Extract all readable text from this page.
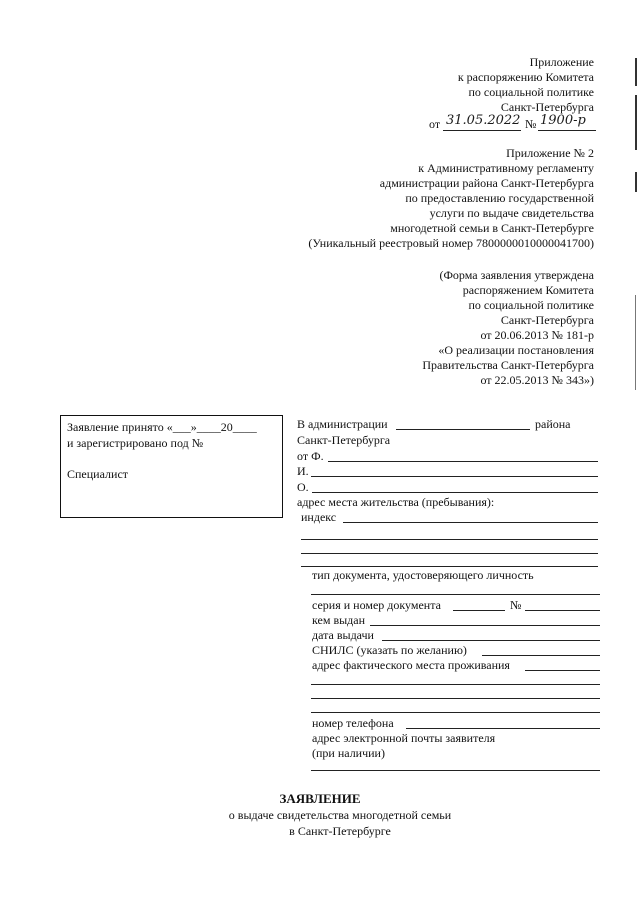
Приложение
к распоряжению Комитета
по социальной политике
Санкт-Петербурга
от 31.05.2022 № 1900-р
Приложение № 2
к Административному регламенту
администрации района Санкт-Петербурга
по предоставлению государственной
услуги по выдаче свидетельства
многодетной семьи в Санкт-Петербурге
(Уникальный реестровый номер 7800000010000041700)
(Форма заявления утверждена
распоряжением Комитета
по социальной политике
Санкт-Петербурга
от 20.06.2013 № 181-р
«О реализации постановления
Правительства Санкт-Петербурга
от 22.05.2013 № 343»)
Заявление принято «___»____20____
и зарегистрировано под №
Специалист
В администрации	района
Санкт-Петербурга
от Ф.
И.
О.
адрес места жительства (пребывания):
индекс
тип документа, удостоверяющего личность
серия и номер документа	№
кем выдан
дата выдачи
СНИЛС (указать по желанию)
адрес фактического места проживания
номер телефона
адрес электронной почты заявителя
(при наличии)
ЗАЯВЛЕНИЕ
о выдаче свидетельства многодетной семьи
в Санкт-Петербурге
